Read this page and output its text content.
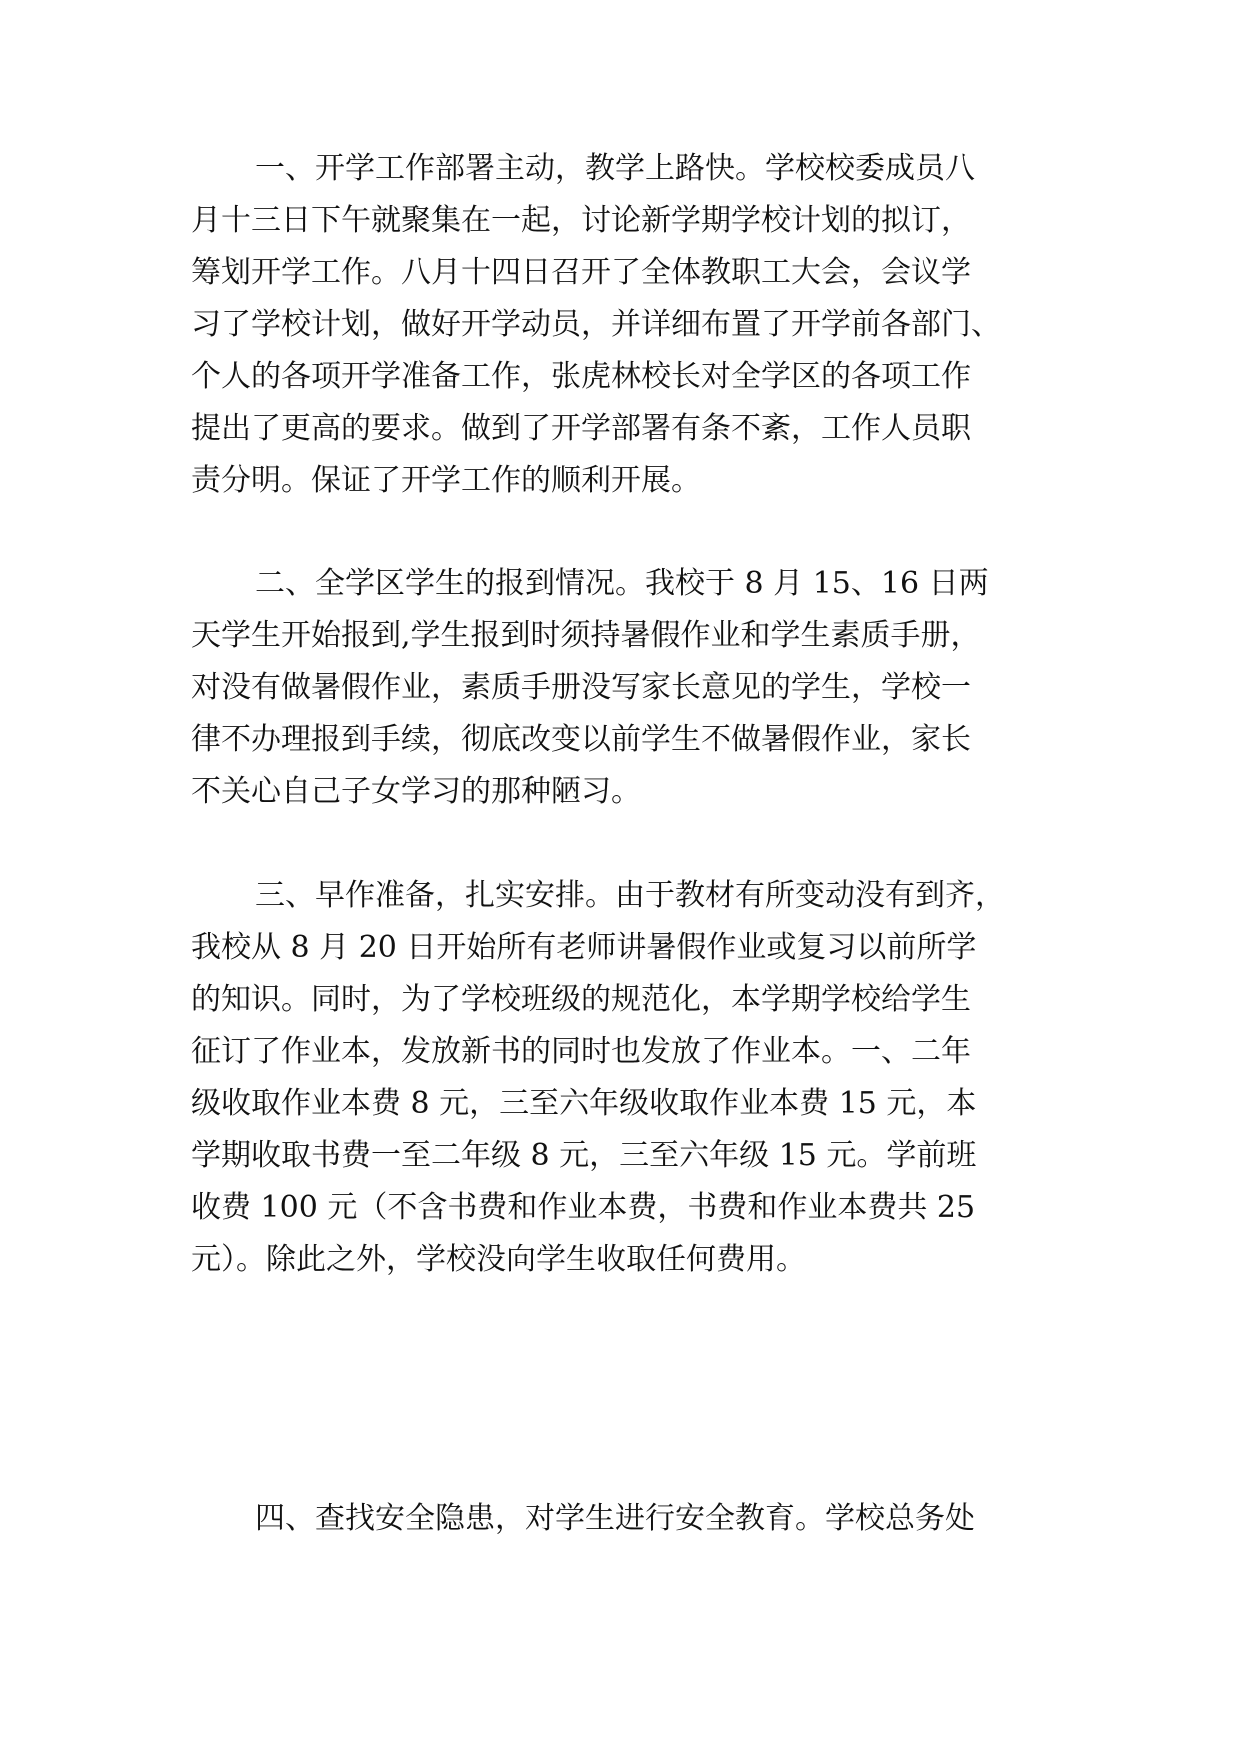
一、开学工作部署主动，教学上路快。学校校委成员八
月十三日下午就聚集在一起，讨论新学期学校计划的拟订，
筹划开学工作。八月十四日召开了全体教职工大会，会议学
习了学校计划，做好开学动员，并详细布置了开学前各部门、
个人的各项开学准备工作，张虎林校长对全学区的各项工作
提出了更高的要求。做到了开学部署有条不紊，工作人员职
责分明。保证了开学工作的顺利开展。
二、全学区学生的报到情况。我校于 8 月 15、16 日两
天学生开始报到,学生报到时须持暑假作业和学生素质手册，
对没有做暑假作业，素质手册没写家长意见的学生，学校一
律不办理报到手续，彻底改变以前学生不做暑假作业，家长
不关心自己子女学习的那种陋习。
三、早作准备，扎实安排。由于教材有所变动没有到齐，
我校从 8 月 20 日开始所有老师讲暑假作业或复习以前所学
的知识。同时，为了学校班级的规范化，本学期学校给学生
征订了作业本，发放新书的同时也发放了作业本。一、二年
级收取作业本费 8 元，三至六年级收取作业本费 15 元，本
学期收取书费一至二年级 8 元，三至六年级 15 元。学前班
收费 100 元（不含书费和作业本费，书费和作业本费共 25
元）。除此之外，学校没向学生收取任何费用。
四、查找安全隐患，对学生进行安全教育。学校总务处
